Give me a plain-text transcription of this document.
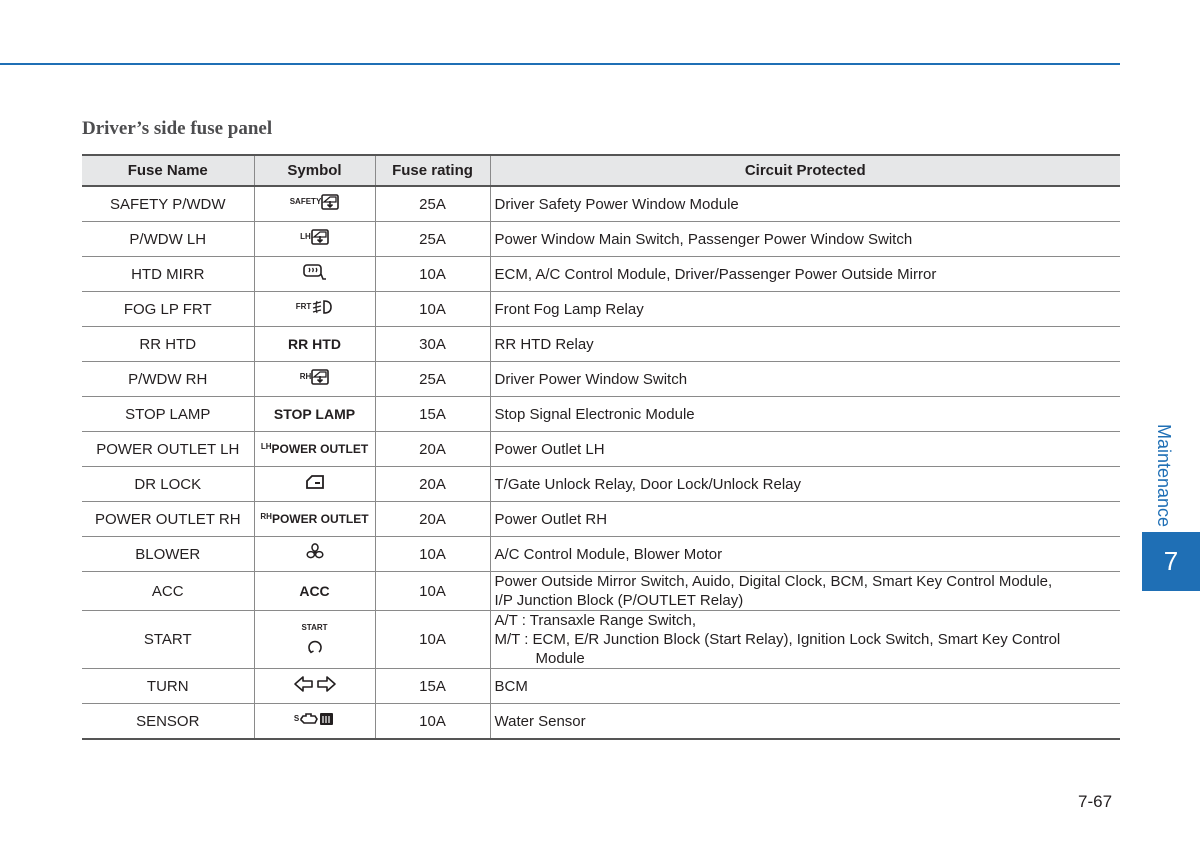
Driver’s side fuse panel
Fuse Name	Symbol	Fuse rating	Circuit Protected
SAFETY P/WDW	$^{SAFETY}$	25A	Driver Safety Power Window Module

P/WDW LH	$^{LH}$	25A	Power Window Main Switch, Passenger Power Window Switch

HTD MIRR		10A	ECM, A/C Control Module, Driver/Passenger Power Outside Mirror

FOG LP FRT	$^{FRT}$	10A	Front Fog Lamp Relay

RR HTD	RR HTD	30A	RR HTD Relay

P/WDW RH	$^{RH}$	25A	Driver Power Window Switch

STOP LAMP	STOP LAMP	15A	Stop Signal Electronic Module

POWER OUTLET LH	$^{LH}$POWER OUTLET	20A	Power Outlet LH

DR LOCK		20A	T/Gate Unlock Relay, Door Lock/Unlock Relay

POWER OUTLET RH	$^{RH}$POWER OUTLET	20A	Power Outlet RH

BLOWER		10A	A/C Control Module, Blower Motor

ACC	ACC	10A	Power Outside Mirror Switch, Auido, Digital Clock, BCM, Smart Key Control Module,
I/P Junction Block (P/OUTLET Relay)

START	$^{START}$	10A	A/T : Transaxle Range Switch,
M/T : ECM, E/R Junction Block (Start Relay), Ignition Lock Switch, Smart Key Control
Module

TURN		15A	BCM

SENSOR	$^S$	10A	Water Sensor
Maintenance
7
7-67
